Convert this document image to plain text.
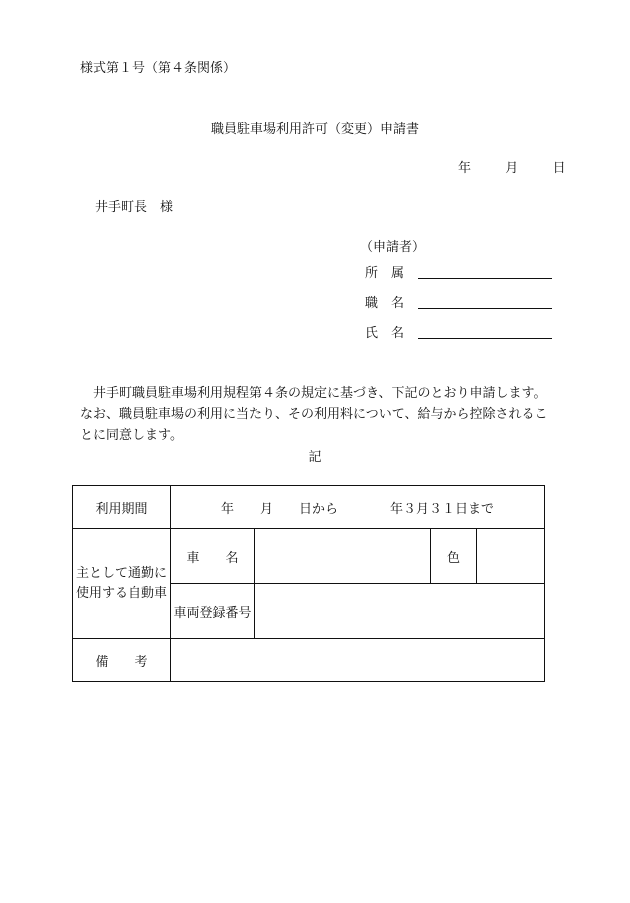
様式第１号（第４条関係）
職員駐車場利用許可（変更）申請書
年	月	日
井手町長　様
（申請者）
所　属
職　名
氏　名

井手町職員駐車場利用規程第４条の規定に基づき、下記のとおり申請します。

なお、職員駐車場の利用に当たり、その利用料について、給与から控除されることに同意します。

記
利用期間	年　　月　　日から　　　　年３月３１日まで			
主として通勤に
使用する自動車	車　　名		色	
	車両登録番号			
備　　考				
